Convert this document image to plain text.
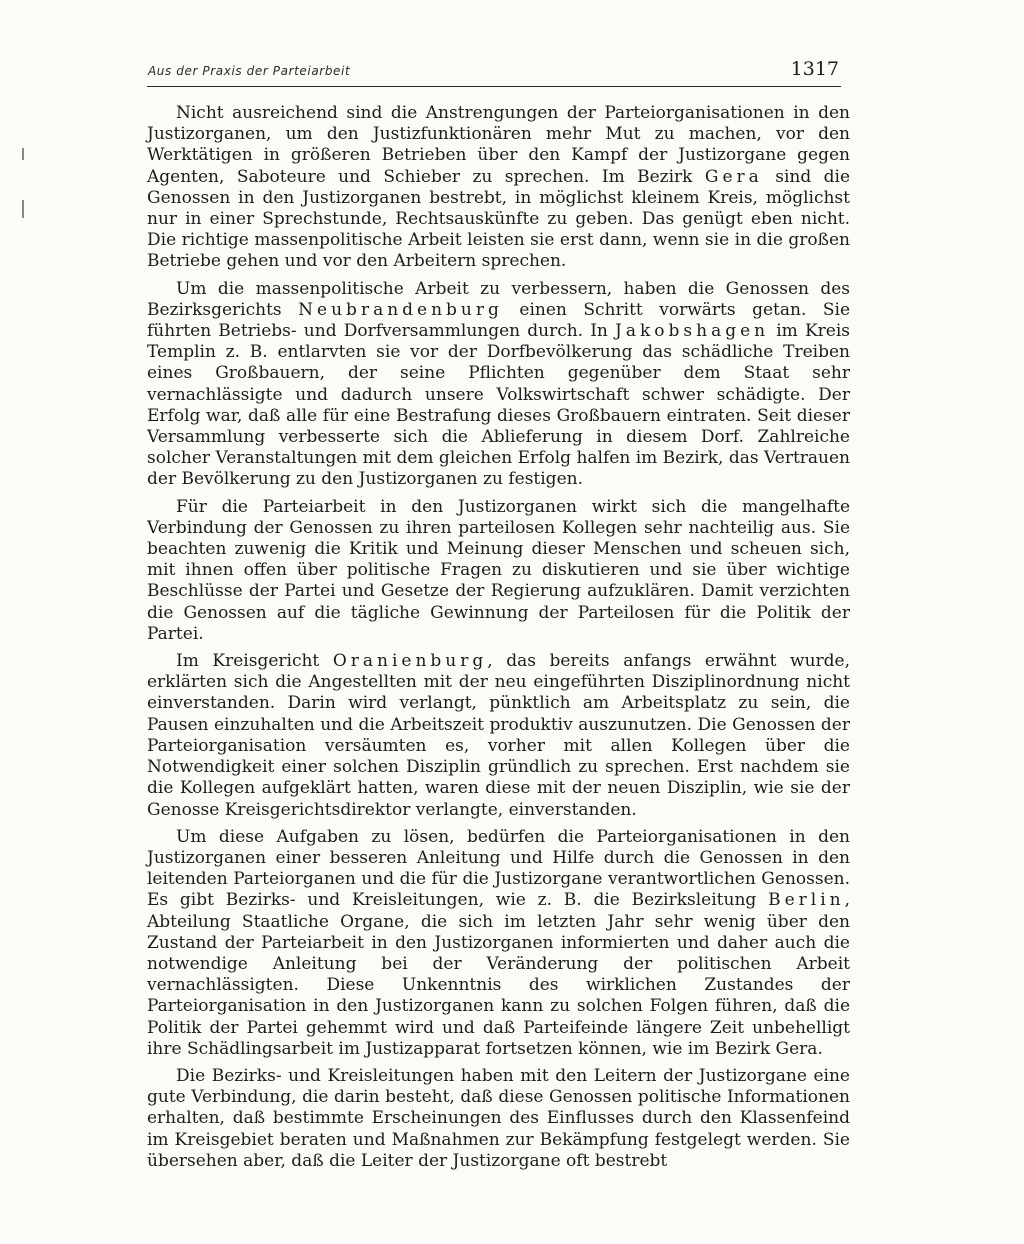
Aus der Praxis der Parteiarbeit	1317

Nicht ausreichend sind die Anstrengungen der Parteiorganisationen in den Justizorganen, um den Justizfunktionären mehr Mut zu machen, vor den Werktätigen in größeren Betrieben über den Kampf der Justizorgane gegen Agenten, Saboteure und Schieber zu sprechen. Im Bezirk Gera sind die Genossen in den Justizorganen bestrebt, in möglichst kleinem Kreis, möglichst nur in einer Sprechstunde, Rechtsauskünfte zu geben. Das genügt eben nicht. Die richtige massenpolitische Arbeit leisten sie erst dann, wenn sie in die großen Betriebe gehen und vor den Arbeitern sprechen.

Um die massenpolitische Arbeit zu verbessern, haben die Genossen des Bezirksgerichts Neubrandenburg einen Schritt vorwärts getan. Sie führten Betriebs- und Dorfversammlungen durch. In Jakobshagen im Kreis Templin z. B. entlarvten sie vor der Dorfbevölkerung das schädliche Treiben eines Großbauern, der seine Pflichten gegenüber dem Staat sehr vernachlässigte und dadurch unsere Volkswirtschaft schwer schädigte. Der Erfolg war, daß alle für eine Bestrafung dieses Großbauern eintraten. Seit dieser Versammlung verbesserte sich die Ablieferung in diesem Dorf. Zahlreiche solcher Veranstaltungen mit dem gleichen Erfolg halfen im Bezirk, das Vertrauen der Bevölkerung zu den Justizorganen zu festigen.

Für die Parteiarbeit in den Justizorganen wirkt sich die mangelhafte Verbindung der Genossen zu ihren parteilosen Kollegen sehr nachteilig aus. Sie beachten zuwenig die Kritik und Meinung dieser Menschen und scheuen sich, mit ihnen offen über politische Fragen zu diskutieren und sie über wichtige Beschlüsse der Partei und Gesetze der Regierung aufzuklären. Damit verzichten die Genossen auf die tägliche Gewinnung der Parteilosen für die Politik der Partei.

Im Kreisgericht Oranienburg, das bereits anfangs erwähnt wurde, erklärten sich die Angestellten mit der neu eingeführten Disziplinordnung nicht einverstanden. Darin wird verlangt, pünktlich am Arbeitsplatz zu sein, die Pausen einzuhalten und die Arbeitszeit produktiv auszunutzen. Die Genossen der Parteiorganisation versäumten es, vorher mit allen Kollegen über die Notwendigkeit einer solchen Disziplin gründlich zu sprechen. Erst nachdem sie die Kollegen aufgeklärt hatten, waren diese mit der neuen Disziplin, wie sie der Genosse Kreisgerichtsdirektor verlangte, einverstanden.

Um diese Aufgaben zu lösen, bedürfen die Parteiorganisationen in den Justizorganen einer besseren Anleitung und Hilfe durch die Genossen in den leitenden Parteiorganen und die für die Justizorgane verantwortlichen Genossen. Es gibt Bezirks- und Kreisleitungen, wie z. B. die Bezirksleitung Berlin, Abteilung Staatliche Organe, die sich im letzten Jahr sehr wenig über den Zustand der Parteiarbeit in den Justizorganen informierten und daher auch die notwendige Anleitung bei der Veränderung der politischen Arbeit vernachlässigten. Diese Unkenntnis des wirklichen Zustandes der Parteiorganisation in den Justizorganen kann zu solchen Folgen führen, daß die Politik der Partei gehemmt wird und daß Parteifeinde längere Zeit unbehelligt ihre Schädlingsarbeit im Justizapparat fortsetzen können, wie im Bezirk Gera.

Die Bezirks- und Kreisleitungen haben mit den Leitern der Justizorgane eine gute Verbindung, die darin besteht, daß diese Genossen politische Informationen erhalten, daß bestimmte Erscheinungen des Einflusses durch den Klassenfeind im Kreisgebiet beraten und Maßnahmen zur Bekämpfung festgelegt werden. Sie übersehen aber, daß die Leiter der Justizorgane oft bestrebt
